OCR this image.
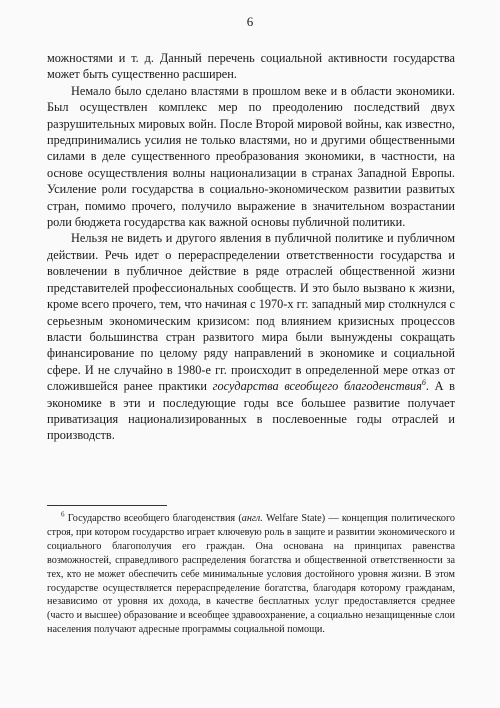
6

можностями и т. д. Данный перечень социальной активности государства может быть существенно расширен.

Немало было сделано властями в прошлом веке и в области экономики. Был осуществлен комплекс мер по преодолению последствий двух разрушительных мировых войн. После Второй мировой войны, как известно, предпринимались усилия не только властями, но и другими общественными силами в деле существенного преобразования экономики, в частности, на основе осуществления волны национализации в странах Западной Европы. Усиление роли государства в социально-экономическом развитии развитых стран, помимо прочего, получило выражение в значительном возрастании роли бюджета государства как важной основы публичной политики.

Нельзя не видеть и другого явления в публичной политике и публичном действии. Речь идет о перераспределении ответственности государства и вовлечении в публичное действие в ряде отраслей общественной жизни представителей профессиональных сообществ. И это было вызвано к жизни, кроме всего прочего, тем, что начиная с 1970-х гг. западный мир столкнулся с серьезным экономическим кризисом: под влиянием кризисных процессов власти большинства стран развитого мира были вынуждены сокращать финансирование по целому ряду направлений в экономике и социальной сфере. И не случайно в 1980-е гг. происходит в определенной мере отказ от сложившейся ранее практики государства всеобщего благоденствия$^6$. А в экономике в эти и последующие годы все большее развитие получает приватизация национализированных в послевоенные годы отраслей и производств.

$^6$ Государство всеобщего благоденствия (англ. Welfare State) — концепция политического строя, при котором государство играет ключевую роль в защите и развитии экономического и социального благополучия его граждан. Она основана на принципах равенства возможностей, справедливого распределения богатства и общественной ответственности за тех, кто не может обеспечить себе минимальные условия достойного уровня жизни. В этом государстве осуществляется перераспределение богатства, благодаря которому гражданам, независимо от уровня их дохода, в качестве бесплатных услуг предоставляется среднее (часто и высшее) образование и всеобщее здравоохранение, а социально незащищенные слои населения получают адресные программы социальной помощи.
